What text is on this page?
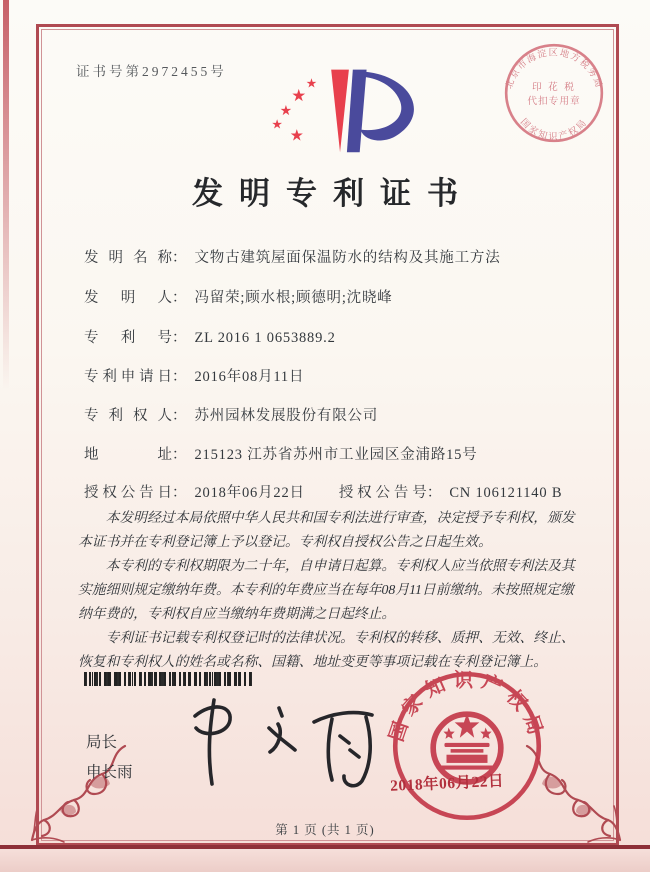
证书号第2972455号
★
★
★
★
★
北京市海淀区地方税务局
国家知识产权局
印 花 税
代扣专用章
发明专利证书
发明名称： 文物古建筑屋面保温防水的结构及其施工方法
发明人： 冯留荣;顾水根;顾德明;沈晓峰
专利号： ZL 2016 1 0653889.2
专利申请日： 2016年08月11日
专利权人： 苏州园林发展股份有限公司
地址： 215123 江苏省苏州市工业园区金浦路15号
授权公告日： 2018年06月22日 授权公告号： CN 106121140 B

本发明经过本局依照中华人民共和国专利法进行审查，决定授予专利权，颁发本证书并在专利登记簿上予以登记。专利权自授权公告之日起生效。

本专利的专利权期限为二十年，自申请日起算。专利权人应当依照专利法及其实施细则规定缴纳年费。本专利的年费应当在每年08月11日前缴纳。未按照规定缴纳年费的，专利权自应当缴纳年费期满之日起终止。

专利证书记载专利权登记时的法律状况。专利权的转移、质押、无效、终止、恢复和专利权人的姓名或名称、国籍、地址变更等事项记载在专利登记簿上。

局长
申长雨
国家知识产权局
2018年06月22日
第 1 页 (共 1 页)
